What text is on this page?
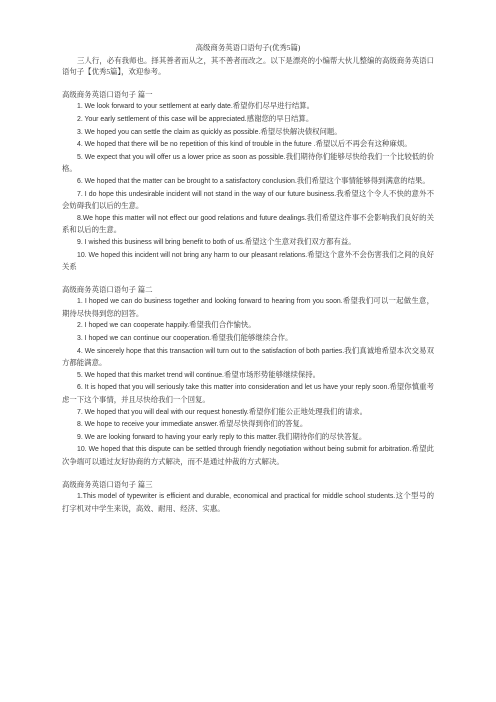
高级商务英语口语句子(优秀5篇)
三人行，必有我师也。择其善者而从之，其不善者而改之。以下是漂亮的小编帮大伙儿整编的高级商务英语口语句子【优秀5篇】，欢迎参考。
高级商务英语口语句子 篇一
1. We look forward to your settlement at early date.希望你们尽早进行结算。
2. Your early settlement of this case will be appreciated.感谢您的早日结算。
3. We hoped you can settle the claim as quickly as possible.希望尽快解决债权问题。
4. We hoped that there will be no repetition of this kind of trouble in the future .希望以后不再会有这种麻烦。
5. We expect that you will offer us a lower price as soon as possible.我们期待你们能够尽快给我们一个比较低的价格。
6. We hoped that the matter can be brought to a satisfactory conclusion.我们希望这个事情能够得到满意的结果。
7. I do hope this undesirable incident will not stand in the way of our future business.我希望这个令人不快的意外不会妨碍我们以后的生意。
8.We hope this matter will not effect our good relations and future dealings.我们希望这件事不会影响我们良好的关系和以后的生意。
9. I wished this business will bring benefit to both of us.希望这个生意对我们双方都有益。
10. We hoped this incident will not bring any harm to our pleasant relations.希望这个意外不会伤害我们之间的良好关系
高级商务英语口语句子 篇二
1. I hoped we can do business together and looking forward to hearing from you soon.希望我们可以一起做生意，期待尽快得到您的回答。
2. I hoped we can cooperate happily.希望我们合作愉快。
3. I hoped we can continue our cooperation.希望我们能够继续合作。
4. We sincerely hope that this transaction will turn out to the satisfaction of both parties.我们真诚地希望本次交易双方都能满意。
5. We hoped that this market trend will continue.希望市场形势能够继续保持。
6. It is hoped that you will seriously take this matter into consideration and let us have your reply soon.希望你慎重考虑一下这个事情，并且尽快给我们一个回复。
7. We hoped that you will deal with our request honestly.希望你们能公正地处理我们的请求。
8. We hope to receive your immediate answer.希望尽快得到你们的答复。
9. We are looking forward to having your early reply to this matter.我们期待你们的尽快答复。
10. We hoped that this dispute can be settled through friendly negotiation without being submit for arbitration.希望此次争端可以通过友好协商的方式解决，而不是通过仲裁的方式解决。
高级商务英语口语句子 篇三
1.This model of typewriter is efficient and durable, economical and practical for middle school students.这个型号的打字机对中学生来说，高效、耐用、经济、实惠。
